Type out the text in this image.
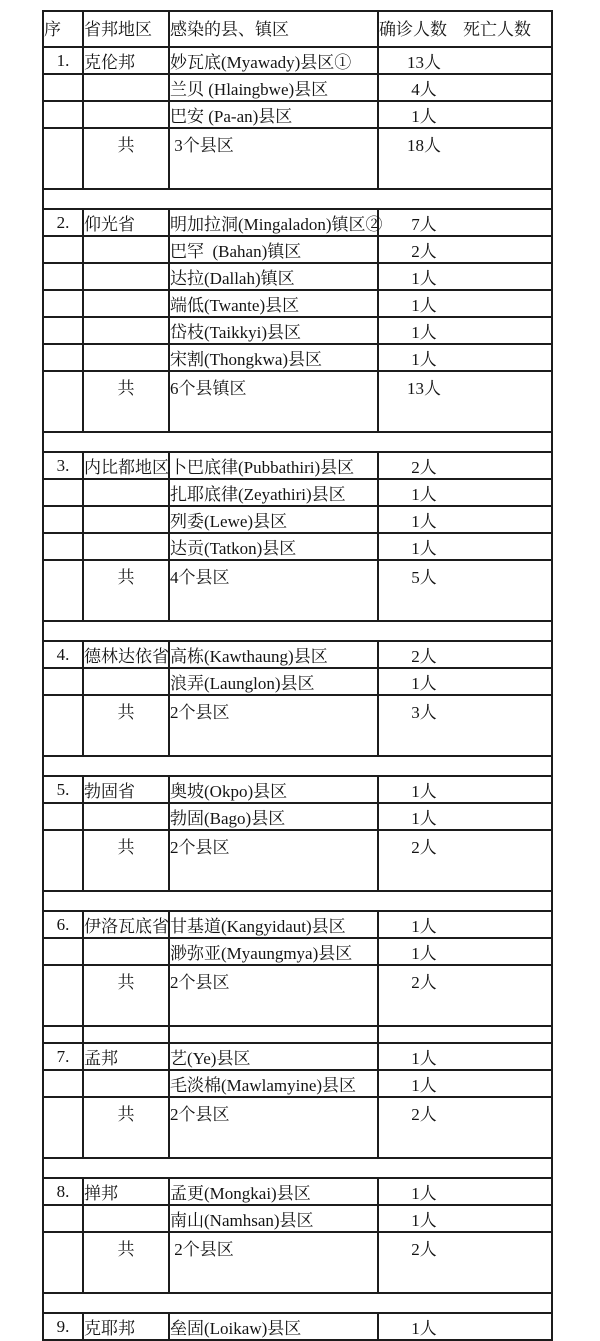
序	省邦地区	感染的县、镇区	确诊人数 死亡人数
1.	克伦邦	妙瓦底(Myawady)县区①	13人
		兰贝 (Hlaingbwe)县区	4人
		巴安 (Pa-an)县区	1人
	共	3个县区	18人

2.	仰光省	明加拉洞(Mingaladon)镇区②	7人
		巴罕  (Bahan)镇区	2人
		达拉(Dallah)镇区	1人
		端低(Twante)县区	1人
		岱枝(Taikkyi)县区	1人
		宋割(Thongkwa)县区	1人
	共	6个县镇区	13人

3.	内比都地区	卜巴底律(Pubbathiri)县区	2人
		扎耶底律(Zeyathiri)县区	1人
		列委(Lewe)县区	1人
		达贡(Tatkon)县区	1人
	共	4个县区	5人

4.	德林达依省	高栋(Kawthaung)县区	2人
		浪弄(Launglon)县区	1人
	共	2个县区	3人

5.	勃固省	奥坡(Okpo)县区	1人
		勃固(Bago)县区	1人
	共	2个县区	2人

6.	伊洛瓦底省	甘基道(Kangyidaut)县区	1人
		渺弥亚(Myaungmya)县区	1人
	共	2个县区	2人

7.	孟邦	艺(Ye)县区	1人
		毛淡棉(Mawlamyine)县区	1人
	共	2个县区	2人

8.	掸邦	孟更(Mongkai)县区	1人
		南山(Namhsan)县区	1人
	共	2个县区	2人

9.	克耶邦	垒固(Loikaw)县区	1人
